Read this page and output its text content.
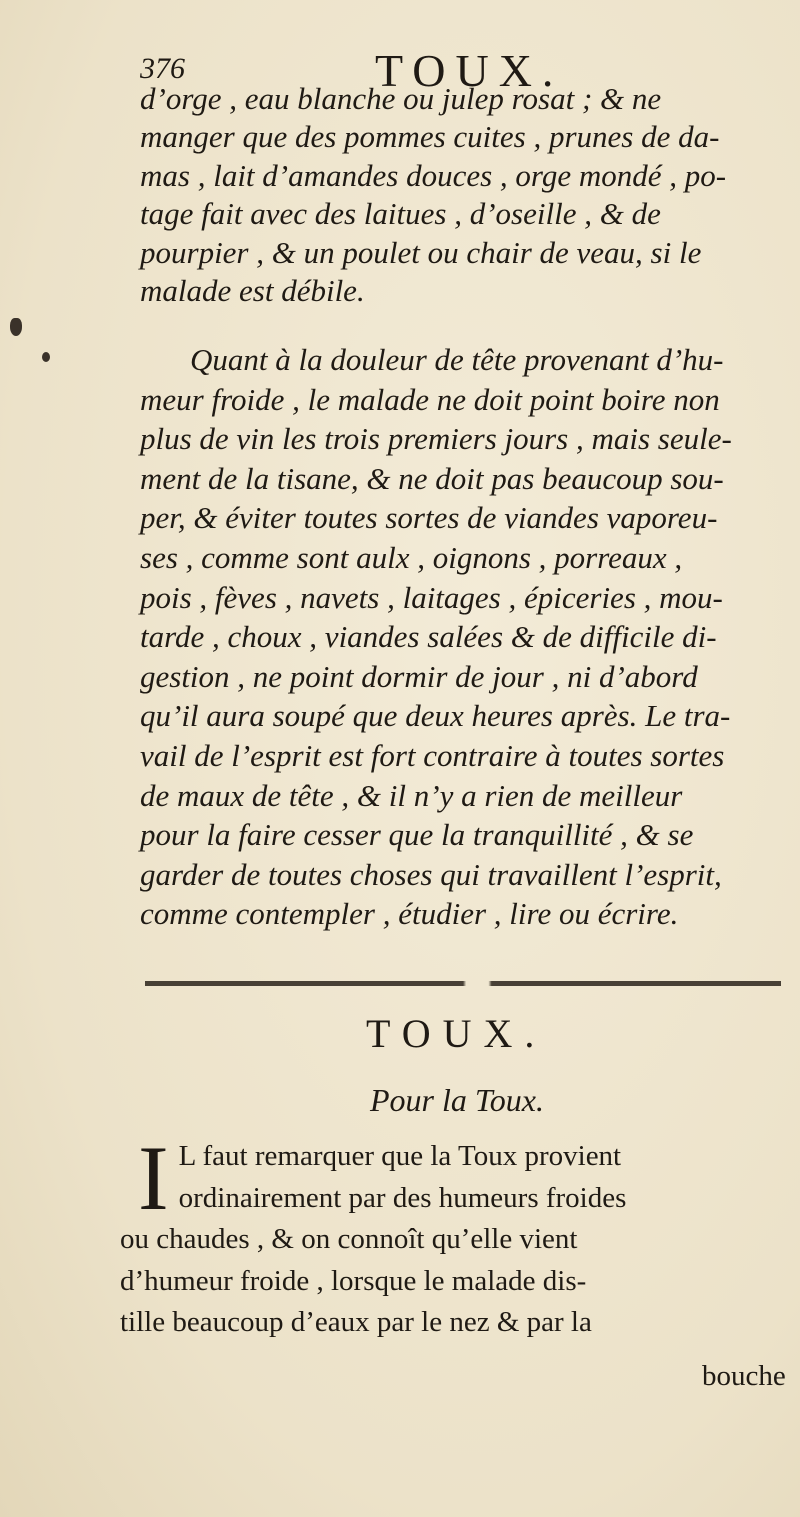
376	TOUX.
d’orge , eau blanche ou julep rosat ; & ne
manger que des pommes cuites , prunes de da-
mas , lait d’amandes douces , orge mondé , po-
tage fait avec des laitues , d’oseille , & de
pourpier , & un poulet ou chair de veau, si le
malade est débile.
Quant à la douleur de tête provenant d’hu-
meur froide , le malade ne doit point boire non
plus de vin les trois premiers jours , mais seule-
ment de la tisane, & ne doit pas beaucoup sou-
per, & éviter toutes sortes de viandes vaporeu-
ses , comme sont aulx , oignons , porreaux ,
pois , fèves , navets , laitages , épiceries , mou-
tarde , choux , viandes salées & de difficile di-
gestion , ne point dormir de jour , ni d’abord
qu’il aura soupé que deux heures après. Le tra-
vail de l’esprit est fort contraire à toutes sortes
de maux de tête , & il n’y a rien de meilleur
pour la faire cesser que la tranquillité , & se
garder de toutes choses qui travaillent l’esprit,
comme contempler , étudier , lire ou écrire.
TOUX.
Pour la Toux.
I L faut remarquer que la Toux provient
ordinairement par des humeurs froides
ou chaudes , & on connoît qu’elle vient
d’humeur froide , lorsque le malade dis-
tille beaucoup d’eaux par le nez & par la
bouche
